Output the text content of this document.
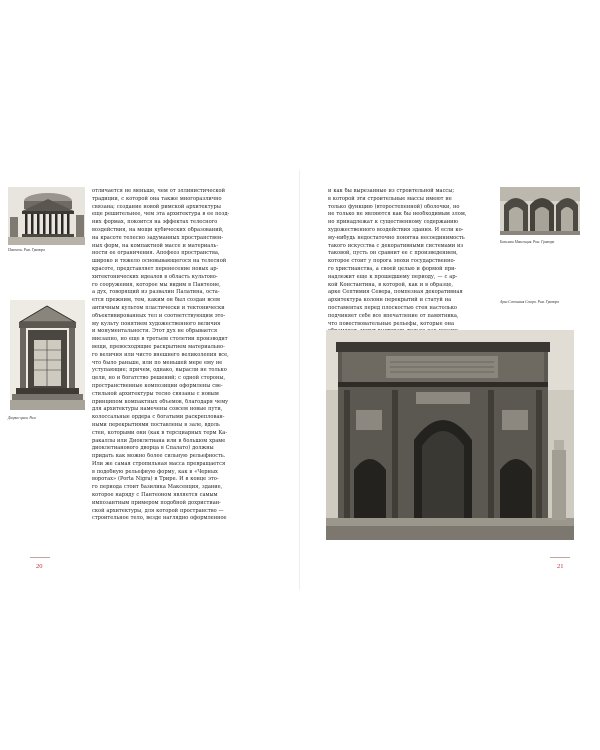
Пантеон. Рим. Гравюра

Дворик-храм. Рим

отличается не меньше, чем от эллинистической
традиции, с которой она также многоразлично
связана; создание новой римской архитектуры
еще решительнее, чем эта архитектура в ее позд-
них формах, покоится на эффектах телесного
воздействия, на мощи кубических образований,
на красоте телесно задуманных пространствен-
ных форм, на компактной массе и материаль-
ности ее ограничения. Апофеоз пространства,
широко и тяжело основывающегося на телесной
красоте, представляет перенесение новых ар-
хитектонических идеалов в область культово-
го сооружения, которое мы видим в Пантеоне,
а дух, говорящий из развалин Палатина, оста-
ется прежним, тем, каким он был создан всем
античным культом пластически и тектонически
объективированных тел и соответствующим это-
му культу понятием художественного величия
и монументальности. Этот дух не обрывается
внезапно, но еще в третьем столетии производит
вещи, превосходящие раскрытием материально-
го величия или чисто внешнего великолепия все,
что было раньше, или по меньшей мере ему не
уступающие; причем, однако, вырасли не только
цели, но и богатство решений; с одной стороны,
пространственные композиции оформлены све-
стильной архитектуры тесно связаны с новым
принципом компактных объемов, благодаря чему
для архитектуры намечены совсем новые пути,
колоссальные ордера с богатыми раскреплован-
ными перекрытиями поставлены в зале, вдоль
стен, которыми они (как в терсциарных терм Ка-
ракаллы или Диоклетиана или в большом храме
диоклетианового дворца в Спалато) должны
придать как можно более сильную рельефность.
Или же самая стропильная масса превращается
в подобную рельефную форму, как в «Черных
воротах» (Porta Nigra) в Трире. И в конце это-
го периода стоит базилика Максенция, здание,
которое наряду с Пантеоном является самым
импозантным примером подобной дохристиан-
ской архитектуры, для которой пространство —
строительное тело, везде наглядно оформленное
20
и как бы вырезанные из строительной массы;
в которой эти строительные массы имеют не
только функцию (второстепенной) оболочки, но
не только не являются как бы необходимым злом,
но принадлежат к существенному содержанию
художественного воздействия здания. И если ко-
му-нибудь недостаточно понятна несоединимость
такого искусства с декоративными системами из
таковой, пусть он сравнит ее с произведением,
которое стоит у порога эпохи государственно-
го христианства, а своей целью и формой при-
надлежит еще к прошедшему периоду, — с ар-
кой Константина, в которой, как и в образце,
арке Септимия Севера, помпезная декоративная
архитектура колонн перекрытий и статуй на
постаментах перед плоскостью стен настолько
подчиняет себе все впечатление от памятника,
что повествовательные рельефы, которые она

Базилика Максенция. Рим. Гравюра

Арка Септимия Севера. Рим. Гравюра

21
